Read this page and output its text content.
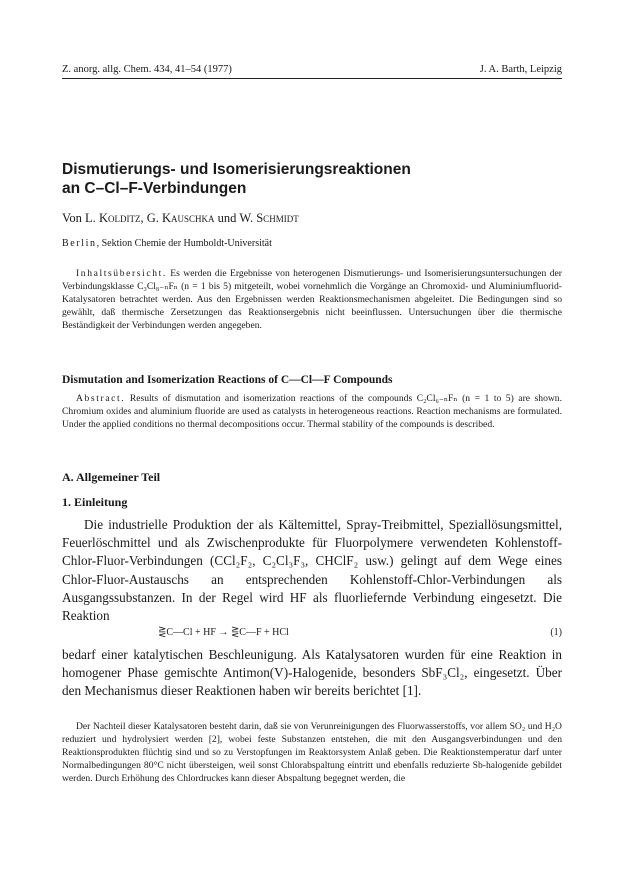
Z. anorg. allg. Chem. 434, 41–54 (1977)	J. A. Barth, Leipzig
Dismutierungs- und Isomerisierungsreaktionen
an C–Cl–F-Verbindungen
Von L. Kolditz, G. Kauschka und W. Schmidt
Berlin, Sektion Chemie der Humboldt-Universität

Inhaltsübersicht. Es werden die Ergebnisse von heterogenen Dismutierungs- und Isomerisierungsuntersuchungen der Verbindungsklasse C₃Cl₈₋ₙFₙ (n = 1 bis 5) mitgeteilt, wobei vornehmlich die Vorgänge an Chromoxid- und Aluminiumfluorid-Katalysatoren betrachtet werden. Aus den Ergebnissen werden Reaktionsmechanismen abgeleitet. Die Bedingungen sind so gewählt, daß thermische Zersetzungen das Reaktionsergebnis nicht beeinflussen. Untersuchungen über die thermische Beständigkeit der Verbindungen werden angegeben.

Dismutation and Isomerization Reactions of C—Cl—F Compounds

Abstract. Results of dismutation and isomerization reactions of the compounds C₂Cl₆₋ₙFₙ (n = 1 to 5) are shown. Chromium oxides and aluminium fluoride are used as catalysts in heterogeneous reactions. Reaction mechanisms are formulated. Under the applied conditions no thermal decompositions occur. Thermal stability of the compounds is described.

A. Allgemeiner Teil
1. Einleitung

Die industrielle Produktion der als Kältemittel, Spray-Treibmittel, Speziallösungsmittel, Feuerlöschmittel und als Zwischenprodukte für Fluorpolymere verwendeten Kohlenstoff-Chlor-Fluor-Verbindungen (CCl₂F₂, C₂Cl₃F₃, CHClF₂ usw.) gelingt auf dem Wege eines Chlor-Fluor-Austauschs an entsprechenden Kohlenstoff-Chlor-Verbindungen als Ausgangssubstanzen. In der Regel wird HF als fluorliefernde Verbindung eingesetzt. Die Reaktion

⋛C—Cl + HF → ⋛C—F + HCl	(1)

bedarf einer katalytischen Beschleunigung. Als Katalysatoren wurden für eine Reaktion in homogener Phase gemischte Antimon(V)-Halogenide, besonders SbF₃Cl₂, eingesetzt. Über den Mechanismus dieser Reaktionen haben wir bereits berichtet [1].

Der Nachteil dieser Katalysatoren besteht darin, daß sie von Verunreinigungen des Fluorwasserstoffs, vor allem SO₂ und H₂O reduziert und hydrolysiert werden [2], wobei feste Substanzen entstehen, die mit den Ausgangsverbindungen und den Reaktionsprodukten flüchtig sind und so zu Verstopfungen im Reaktorsystem Anlaß geben. Die Reaktionstemperatur darf unter Normalbedingungen 80°C nicht übersteigen, weil sonst Chlorabspaltung eintritt und ebenfalls reduzierte Sb-halogenide gebildet werden. Durch Erhöhung des Chlordruckes kann dieser Abspaltung begegnet werden, die
